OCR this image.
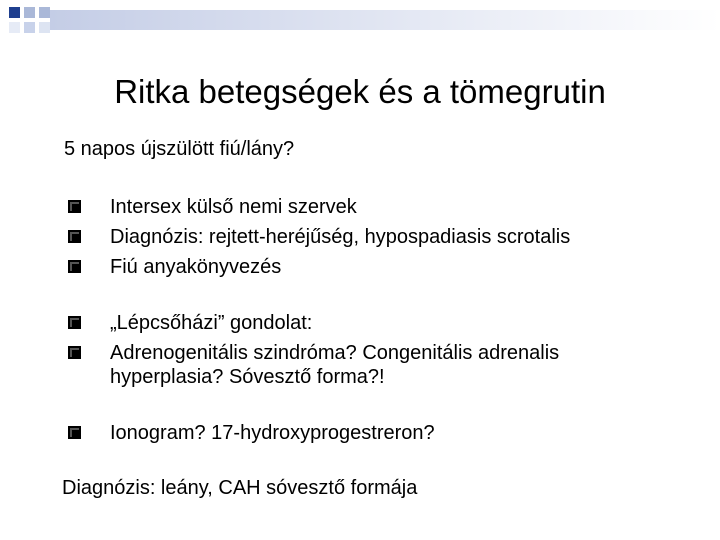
Ritka betegségek és a tömegrutin
5 napos újszülött fiú/lány?
Intersex külső nemi szervek
Diagnózis: rejtett-heréjűség, hypospadiasis scrotalis
Fiú anyakönyvezés
„Lépcsőházi” gondolat:
Adrenogenitális szindróma? Congenitális adrenalis hyperplasia? Sóvesztő forma?!
Ionogram? 17-hydroxyprogestreron?
Diagnózis: leány, CAH sóvesztő formája
